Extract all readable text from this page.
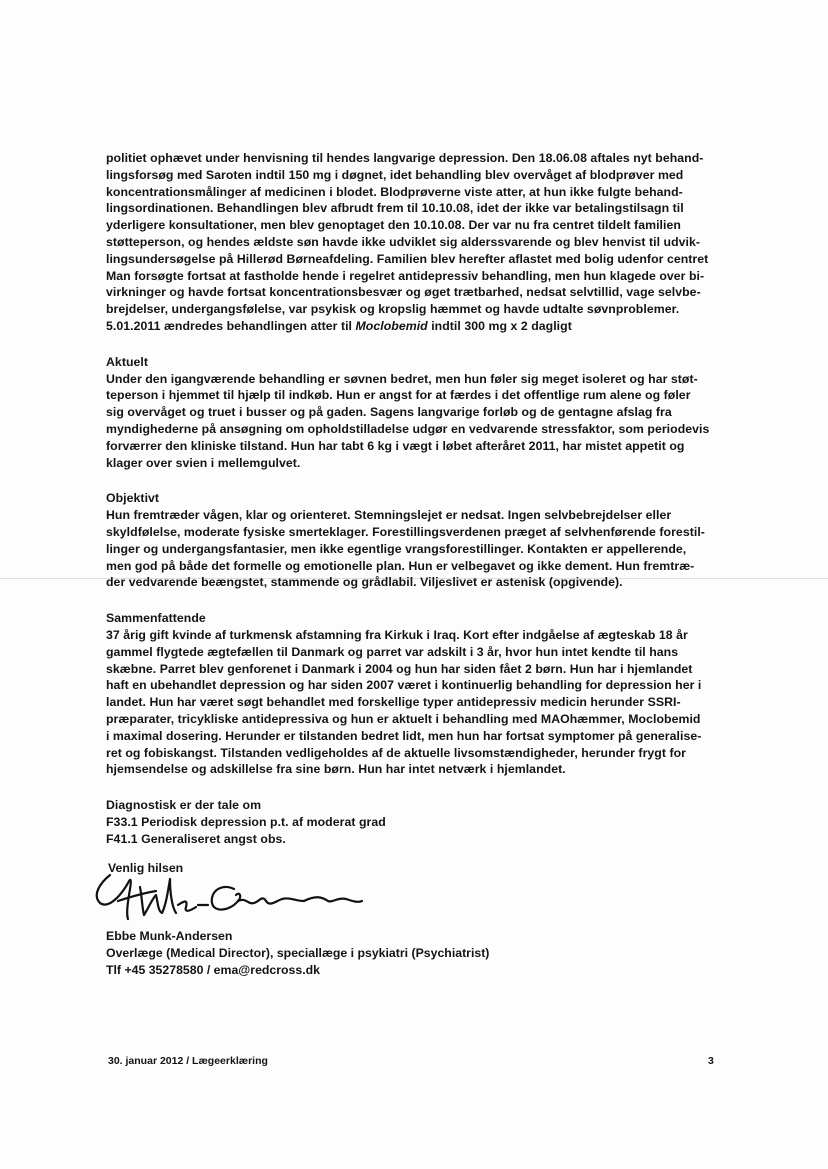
politiet ophævet under henvisning til hendes langvarige depression. Den 18.06.08 aftales nyt behand-
lingsforsøg med Saroten indtil 150 mg i døgnet, idet behandling blev overvåget af blodprøver med
koncentrationsmålinger af medicinen i blodet. Blodprøverne viste atter, at hun ikke fulgte behand-
lingsordinationen. Behandlingen blev afbrudt frem til 10.10.08, idet der ikke var betalingstilsagn til
yderligere konsultationer, men blev genoptaget den 10.10.08. Der var nu fra centret tildelt familien
støtteperson, og hendes ældste søn havde ikke udviklet sig alderssvarende og blev henvist til udvik-
lingsundersøgelse på Hillerød Børneafdeling. Familien blev herefter aflastet med bolig udenfor centret
Man forsøgte fortsat at fastholde hende i regelret antidepressiv behandling, men hun klagede over bi-
virkninger og havde fortsat koncentrationsbesvær og øget trætbarhed, nedsat selvtillid, vage selvbe-
brejdelser, undergangsfølelse, var psykisk og kropslig hæmmet og havde udtalte søvnproblemer.
5.01.2011 ændredes behandlingen atter til Moclobemid indtil 300 mg x 2 dagligt
Aktuelt
Under den igangværende behandling er søvnen bedret, men hun føler sig meget isoleret og har støt-
teperson i hjemmet til hjælp til indkøb. Hun er angst for at færdes i det offentlige rum alene og føler
sig overvåget og truet i busser og på gaden. Sagens langvarige forløb og de gentagne afslag fra
myndighederne på ansøgning om opholdstilladelse udgør en vedvarende stressfaktor, som periodevis
forværrer den kliniske tilstand. Hun har tabt 6 kg i vægt i løbet afteråret 2011, har mistet appetit og
klager over svien i mellemgulvet.
Objektivt
Hun fremtræder vågen, klar og orienteret. Stemningslejet er nedsat. Ingen selvbebrejdelser eller
skyldfølelse, moderate fysiske smerteklager. Forestillingsverdenen præget af selvhenførende forestil-
linger og undergangsfantasier, men ikke egentlige vrangsforestillinger. Kontakten er appellerende,
men god på både det formelle og emotionelle plan. Hun er velbegavet og ikke dement. Hun fremtræ-
der vedvarende beængstet, stammende og grådlabil. Viljeslivet er astenisk (opgivende).
Sammenfattende
37 årig gift kvinde af turkmensk afstamning fra Kirkuk i Iraq. Kort efter indgåelse af ægteskab 18 år
gammel flygtede ægtefællen til Danmark og parret var adskilt i 3 år, hvor hun intet kendte til hans
skæbne. Parret blev genforenet i Danmark i 2004 og hun har siden fået 2 børn. Hun har i hjemlandet
haft en ubehandlet depression og har siden 2007 været i kontinuerlig behandling for depression her i
landet. Hun har været søgt behandlet med forskellige typer antidepressiv medicin herunder SSRI-
præparater, tricykliske antidepressiva og hun er aktuelt i behandling med MAOhæmmer, Moclobemid
i maximal dosering. Herunder er tilstanden bedret lidt, men hun har fortsat symptomer på generalise-
ret og fobiskangst. Tilstanden vedligeholdes af de aktuelle livsomstændigheder, herunder frygt for
hjemsendelse og adskillelse fra sine børn. Hun har intet netværk i hjemlandet.
Diagnostisk er der tale om
F33.1 Periodisk depression p.t. af moderat grad
F41.1 Generaliseret angst obs.
Venlig hilsen
Ebbe Munk-Andersen
Overlæge (Medical Director), speciallæge i psykiatri (Psychiatrist)
Tlf +45 35278580 / ema@redcross.dk
30. januar 2012 / Lægeerklæring	3
